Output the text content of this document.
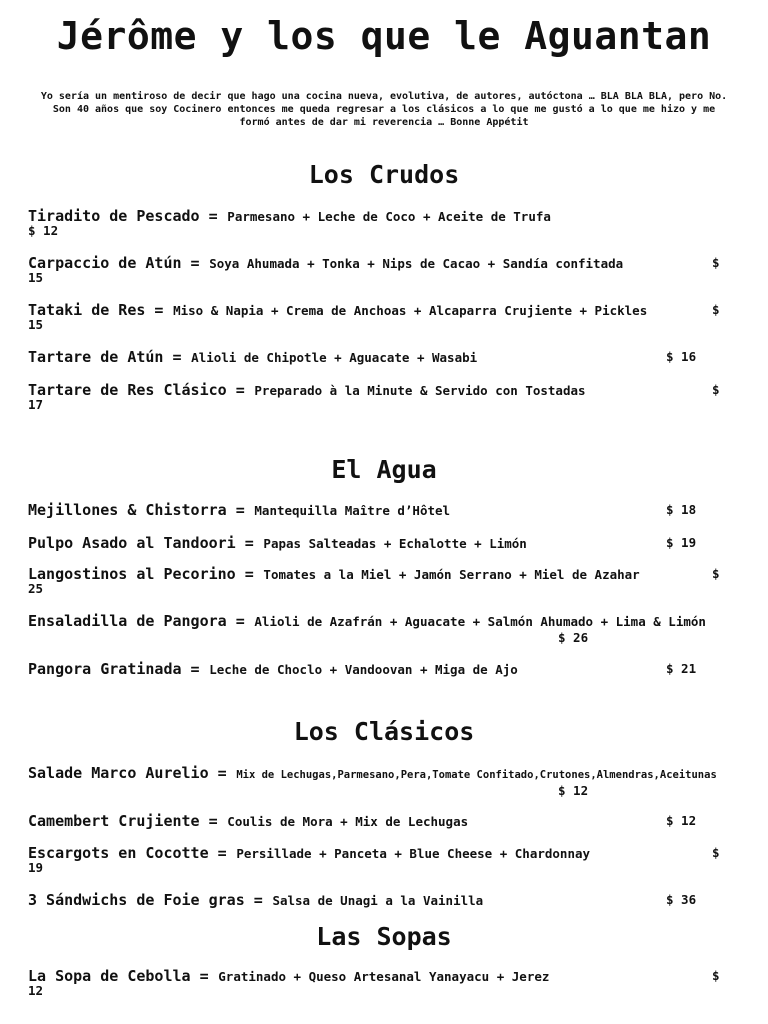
Jérôme y los que le Aguantan
Yo sería un mentiroso de decir que hago una cocina nueva, evolutiva, de autores, autóctona … BLA BLA BLA, pero No.
Son 40 años que soy Cocinero entonces me queda regresar a los clásicos a lo que me gustó a lo que me hizo y me
formó antes de dar mi reverencia … Bonne Appétit
Los Crudos
Tiradito de Pescado = Parmesano + Leche de Coco + Aceite de Trufa
$ 12
Carpaccio de Atún = Soya Ahumada + Tonka + Nips de Cacao + Sandía confitada	$
15
Tataki de Res = Miso & Napia + Crema de Anchoas + Alcaparra Crujiente + Pickles	$
15
Tartare de Atún = Alioli de Chipotle + Aguacate + Wasabi	$ 16
Tartare de Res Clásico = Preparado à la Minute & Servido con Tostadas	$
17
El Agua
Mejillones & Chistorra = Mantequilla Maître d’Hôtel	$ 18
Pulpo Asado al Tandoori = Papas Salteadas + Echalotte + Limón	$ 19
Langostinos al Pecorino = Tomates a la Miel + Jamón Serrano + Miel de Azahar	$
25
Ensaladilla de Pangora = Alioli de Azafrán + Aguacate + Salmón Ahumado + Lima & Limón
$ 26
Pangora Gratinada = Leche de Choclo + Vandoovan + Miga de Ajo	$ 21
Los Clásicos
Salade Marco Aurelio = Mix de Lechugas,Parmesano,Pera,Tomate Confitado,Crutones,Almendras,Aceitunas
$ 12
Camembert Crujiente = Coulis de Mora + Mix de Lechugas	$ 12
Escargots en Cocotte = Persillade + Panceta + Blue Cheese + Chardonnay	$
19
3 Sándwichs de Foie gras = Salsa de Unagi a la Vainilla	$ 36
Las Sopas
La Sopa de Cebolla = Gratinado + Queso Artesanal Yanayacu + Jerez	$
12
